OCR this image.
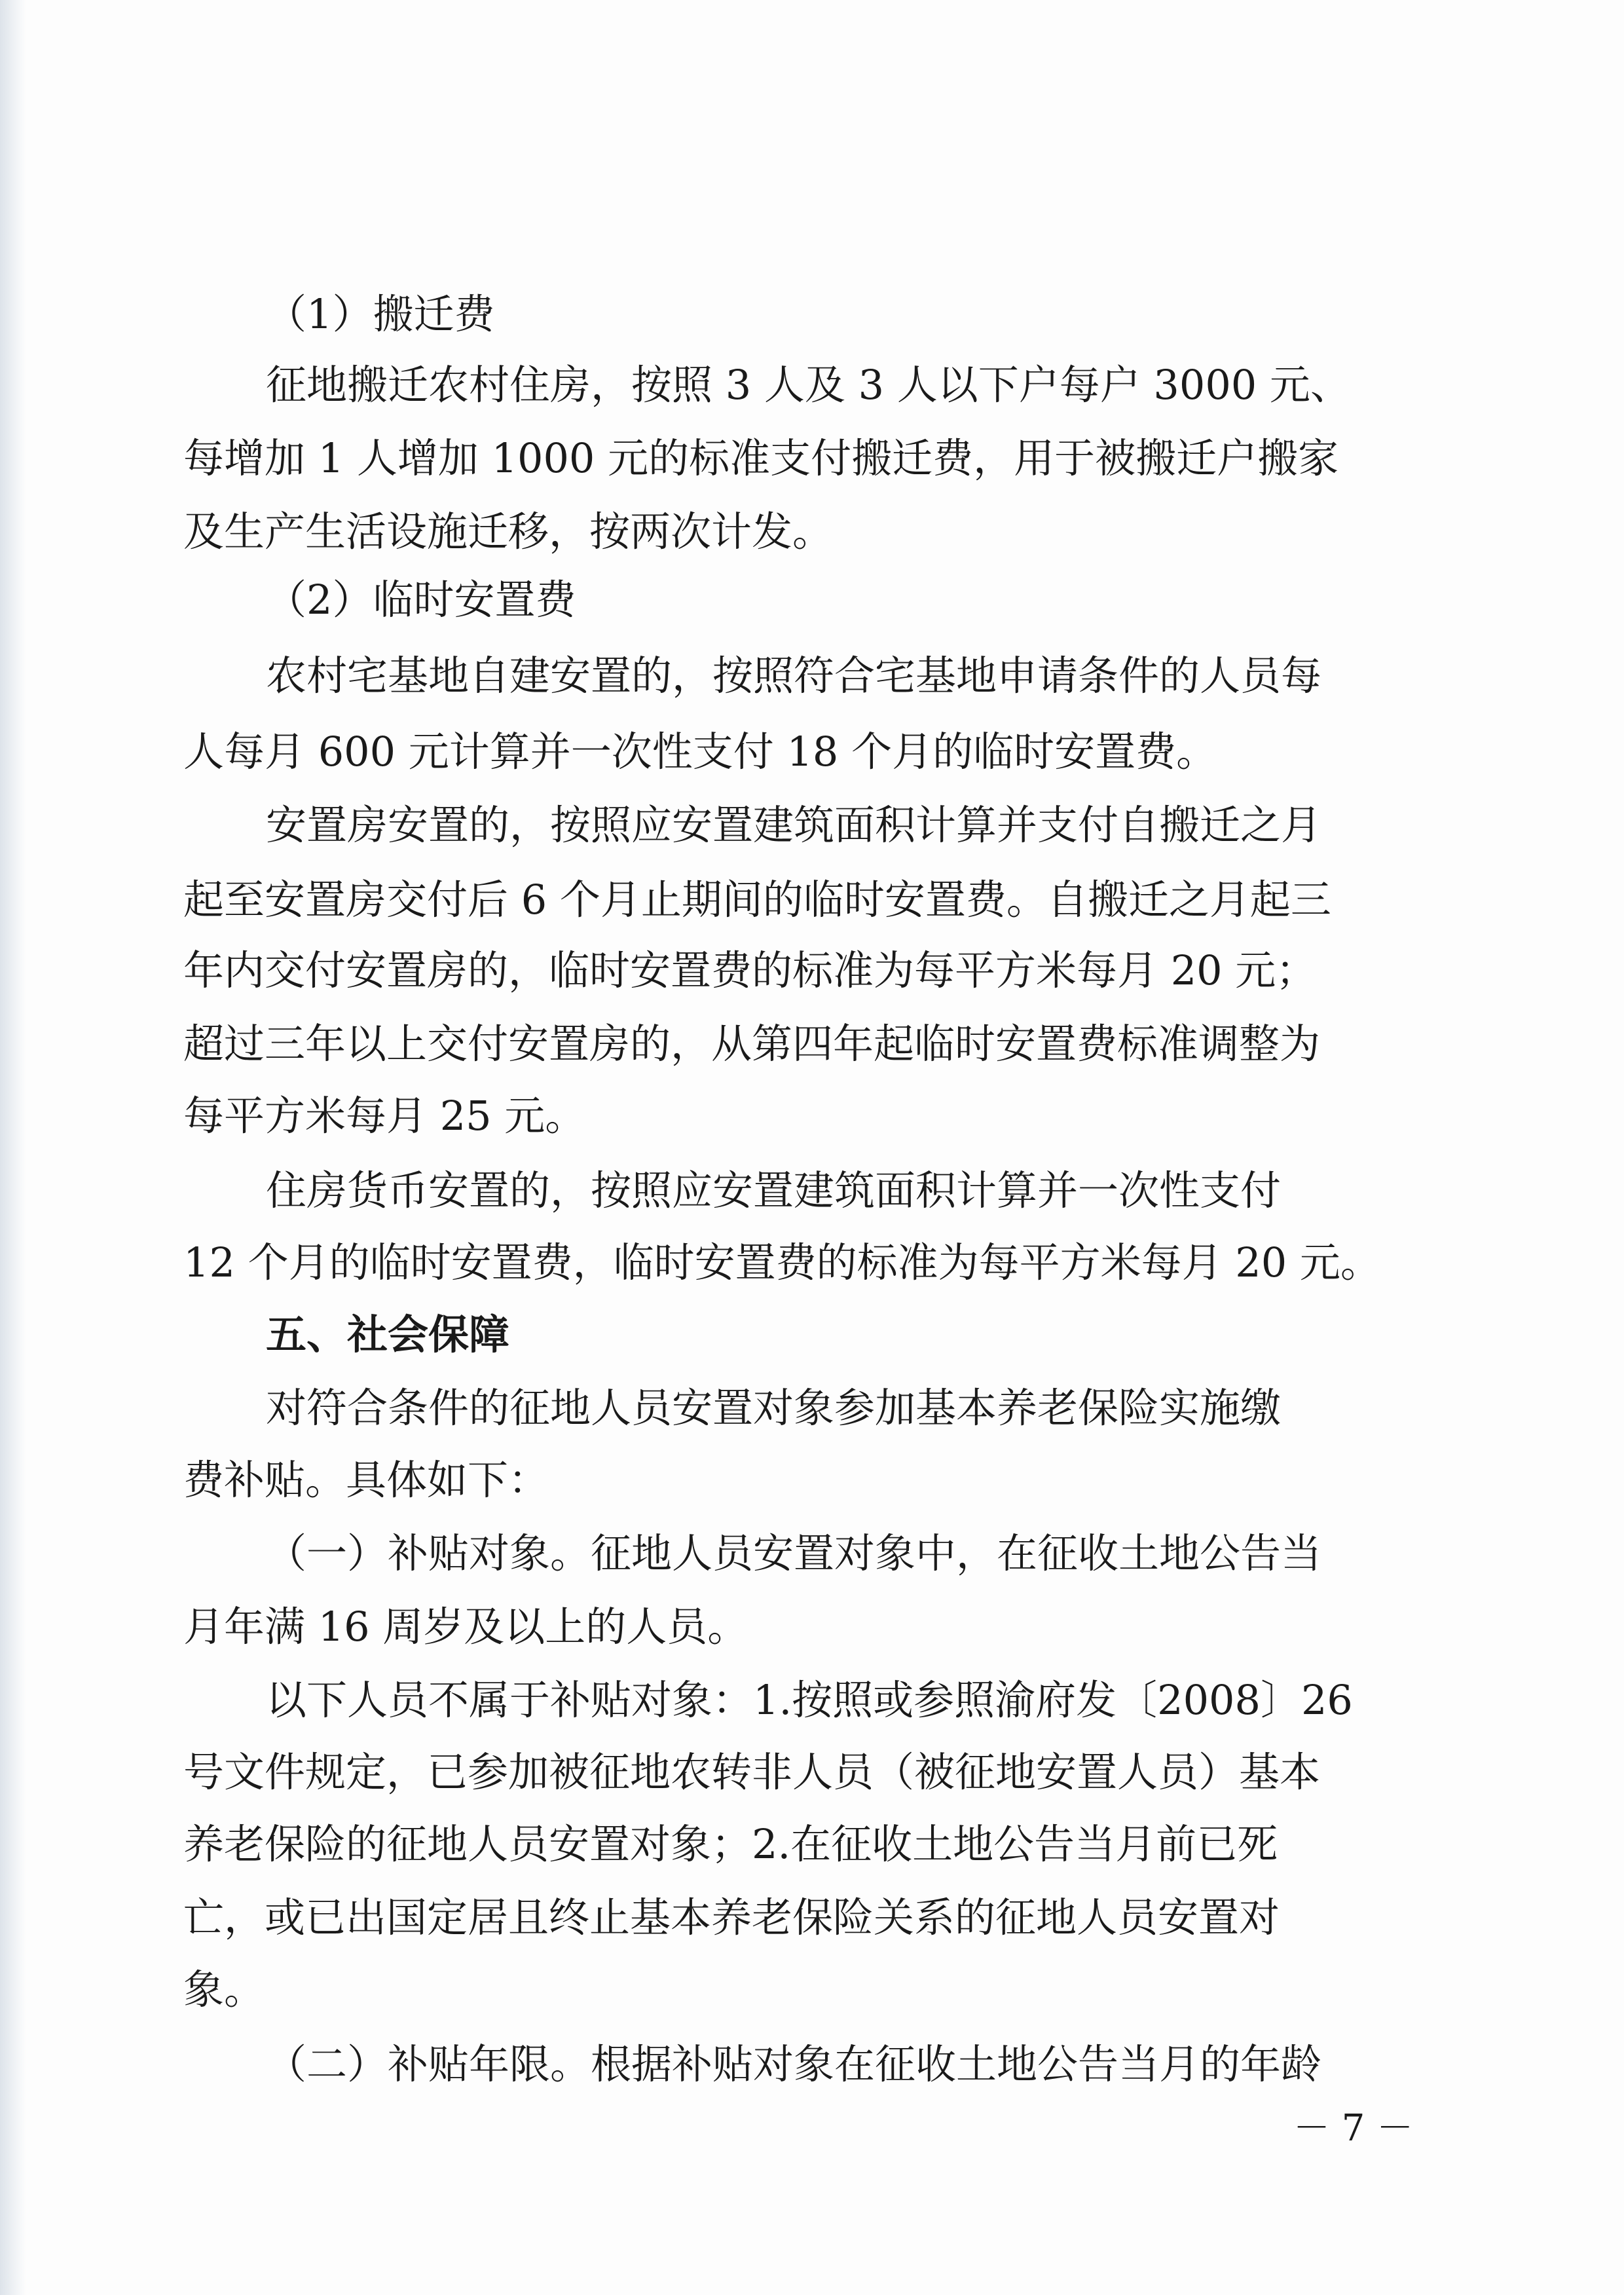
（1）搬迁费
征地搬迁农村住房，按照 3 人及 3 人以下户每户 3000 元、
每增加 1 人增加 1000 元的标准支付搬迁费，用于被搬迁户搬家
及生产生活设施迁移，按两次计发。
（2）临时安置费
农村宅基地自建安置的，按照符合宅基地申请条件的人员每
人每月 600 元计算并一次性支付 18 个月的临时安置费。
安置房安置的，按照应安置建筑面积计算并支付自搬迁之月
起至安置房交付后 6 个月止期间的临时安置费。自搬迁之月起三
年内交付安置房的，临时安置费的标准为每平方米每月 20 元；
超过三年以上交付安置房的，从第四年起临时安置费标准调整为
每平方米每月 25 元。
住房货币安置的，按照应安置建筑面积计算并一次性支付
12 个月的临时安置费，临时安置费的标准为每平方米每月 20 元。
五、社会保障
对符合条件的征地人员安置对象参加基本养老保险实施缴
费补贴。具体如下：
（一）补贴对象。征地人员安置对象中，在征收土地公告当
月年满 16 周岁及以上的人员。
以下人员不属于补贴对象：1.按照或参照渝府发〔2008〕26
号文件规定，已参加被征地农转非人员（被征地安置人员）基本
养老保险的征地人员安置对象；2.在征收土地公告当月前已死
亡，或已出国定居且终止基本养老保险关系的征地人员安置对
象。
（二）补贴年限。根据补贴对象在征收土地公告当月的年龄
－ 7 －
